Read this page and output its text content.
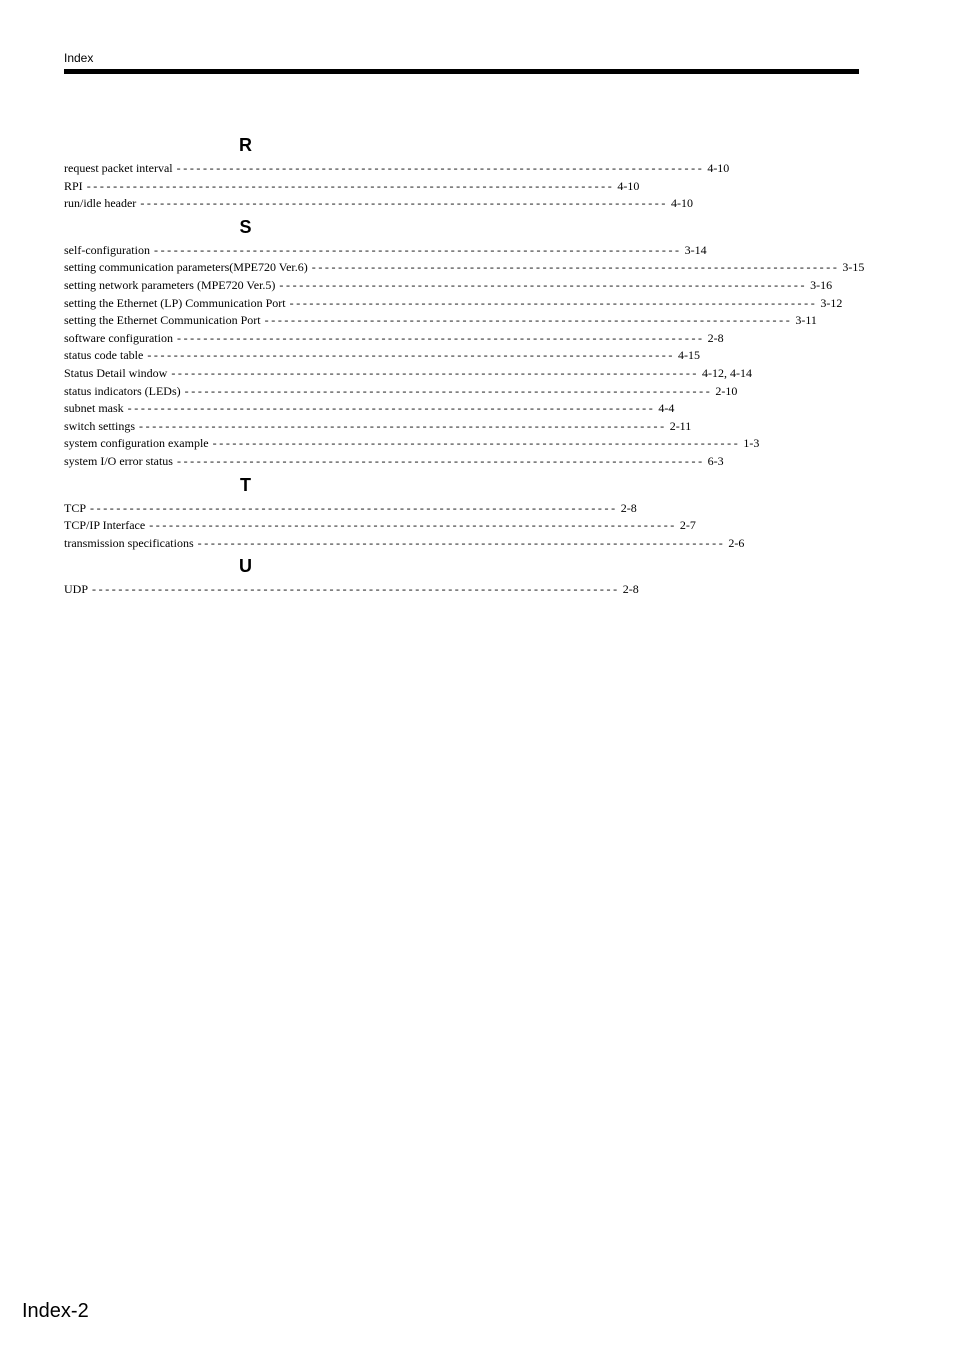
Index
R
request packet interval -------------------------------------------------------------------------------- 4-10
RPI -------------------------------------------------------------------------------- 4-10
run/idle header -------------------------------------------------------------------------------- 4-10
S
self-configuration -------------------------------------------------------------------------------- 3-14
setting communication parameters(MPE720 Ver.6) -------------------------------------------------------------------------------- 3-15
setting network parameters (MPE720 Ver.5) -------------------------------------------------------------------------------- 3-16
setting the Ethernet (LP) Communication Port -------------------------------------------------------------------------------- 3-12
setting the Ethernet Communication Port -------------------------------------------------------------------------------- 3-11
software configuration -------------------------------------------------------------------------------- 2-8
status code table -------------------------------------------------------------------------------- 4-15
Status Detail window -------------------------------------------------------------------------------- 4-12, 4-14
status indicators (LEDs) -------------------------------------------------------------------------------- 2-10
subnet mask -------------------------------------------------------------------------------- 4-4
switch settings -------------------------------------------------------------------------------- 2-11
system configuration example -------------------------------------------------------------------------------- 1-3
system I/O error status -------------------------------------------------------------------------------- 6-3
T
TCP -------------------------------------------------------------------------------- 2-8
TCP/IP Interface -------------------------------------------------------------------------------- 2-7
transmission specifications -------------------------------------------------------------------------------- 2-6
U
UDP -------------------------------------------------------------------------------- 2-8
Index-2
